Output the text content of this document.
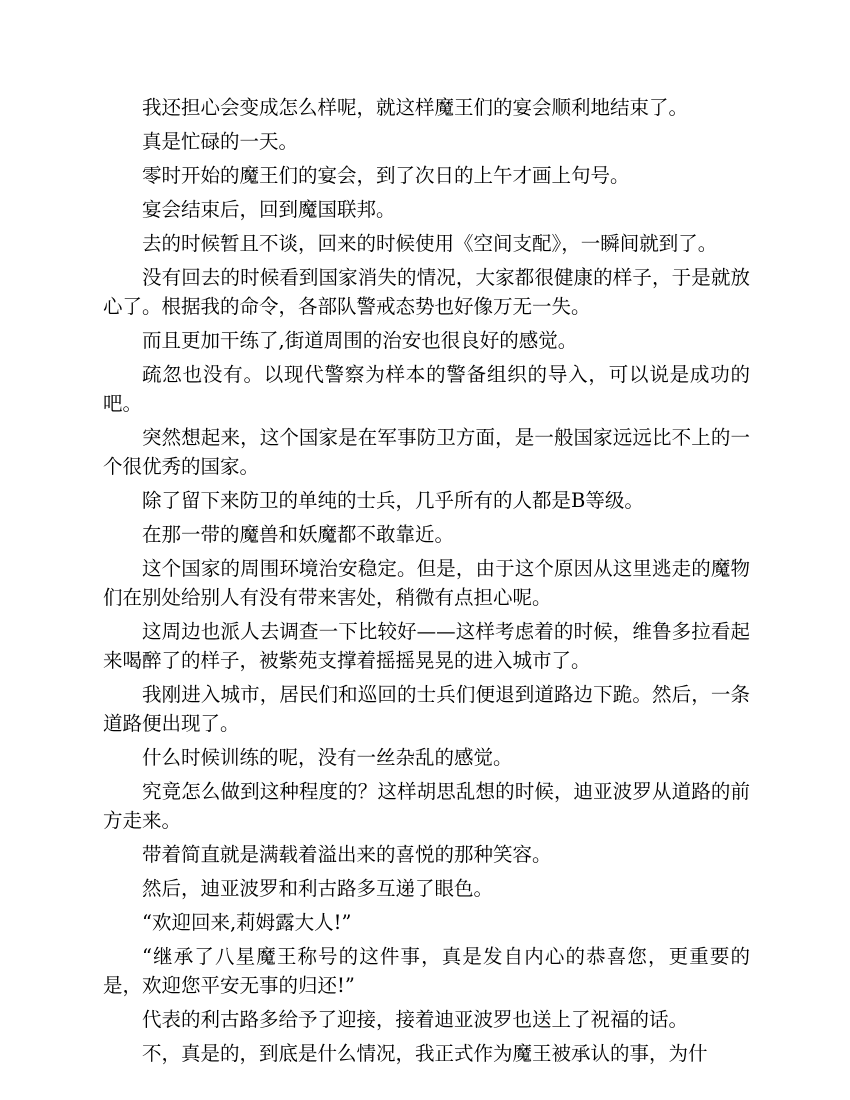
我还担心会变成怎么样呢，就这样魔王们的宴会顺利地结束了。

真是忙碌的一天。

零时开始的魔王们的宴会，到了次日的上午才画上句号。

宴会结束后，回到魔国联邦。

去的时候暂且不谈，回来的时候使用《空间支配》，一瞬间就到了。

没有回去的时候看到国家消失的情况，大家都很健康的样子，于是就放心了。根据我的命令，各部队警戒态势也好像万无一失。

而且更加干练了,街道周围的治安也很良好的感觉。

疏忽也没有。以现代警察为样本的警备组织的导入，可以说是成功的吧。

突然想起来，这个国家是在军事防卫方面，是一般国家远远比不上的一个很优秀的国家。

除了留下来防卫的单纯的士兵，几乎所有的人都是B等级。

在那一带的魔兽和妖魔都不敢靠近。

这个国家的周围环境治安稳定。但是，由于这个原因从这里逃走的魔物们在别处给别人有没有带来害处，稍微有点担心呢。

这周边也派人去调查一下比较好——这样考虑着的时候，维鲁多拉看起来喝醉了的样子，被紫苑支撑着摇摇晃晃的进入城市了。

我刚进入城市，居民们和巡回的士兵们便退到道路边下跪。然后，一条道路便出现了。

什么时候训练的呢，没有一丝杂乱的感觉。

究竟怎么做到这种程度的？这样胡思乱想的时候，迪亚波罗从道路的前方走来。

带着简直就是满载着溢出来的喜悦的那种笑容。

然后，迪亚波罗和利古路多互递了眼色。

“欢迎回来,莉姆露大人!”

“继承了八星魔王称号的这件事，真是发自内心的恭喜您，更重要的是，欢迎您平安无事的归还!”

代表的利古路多给予了迎接，接着迪亚波罗也送上了祝福的话。

不，真是的，到底是什么情况，我正式作为魔王被承认的事，为什
